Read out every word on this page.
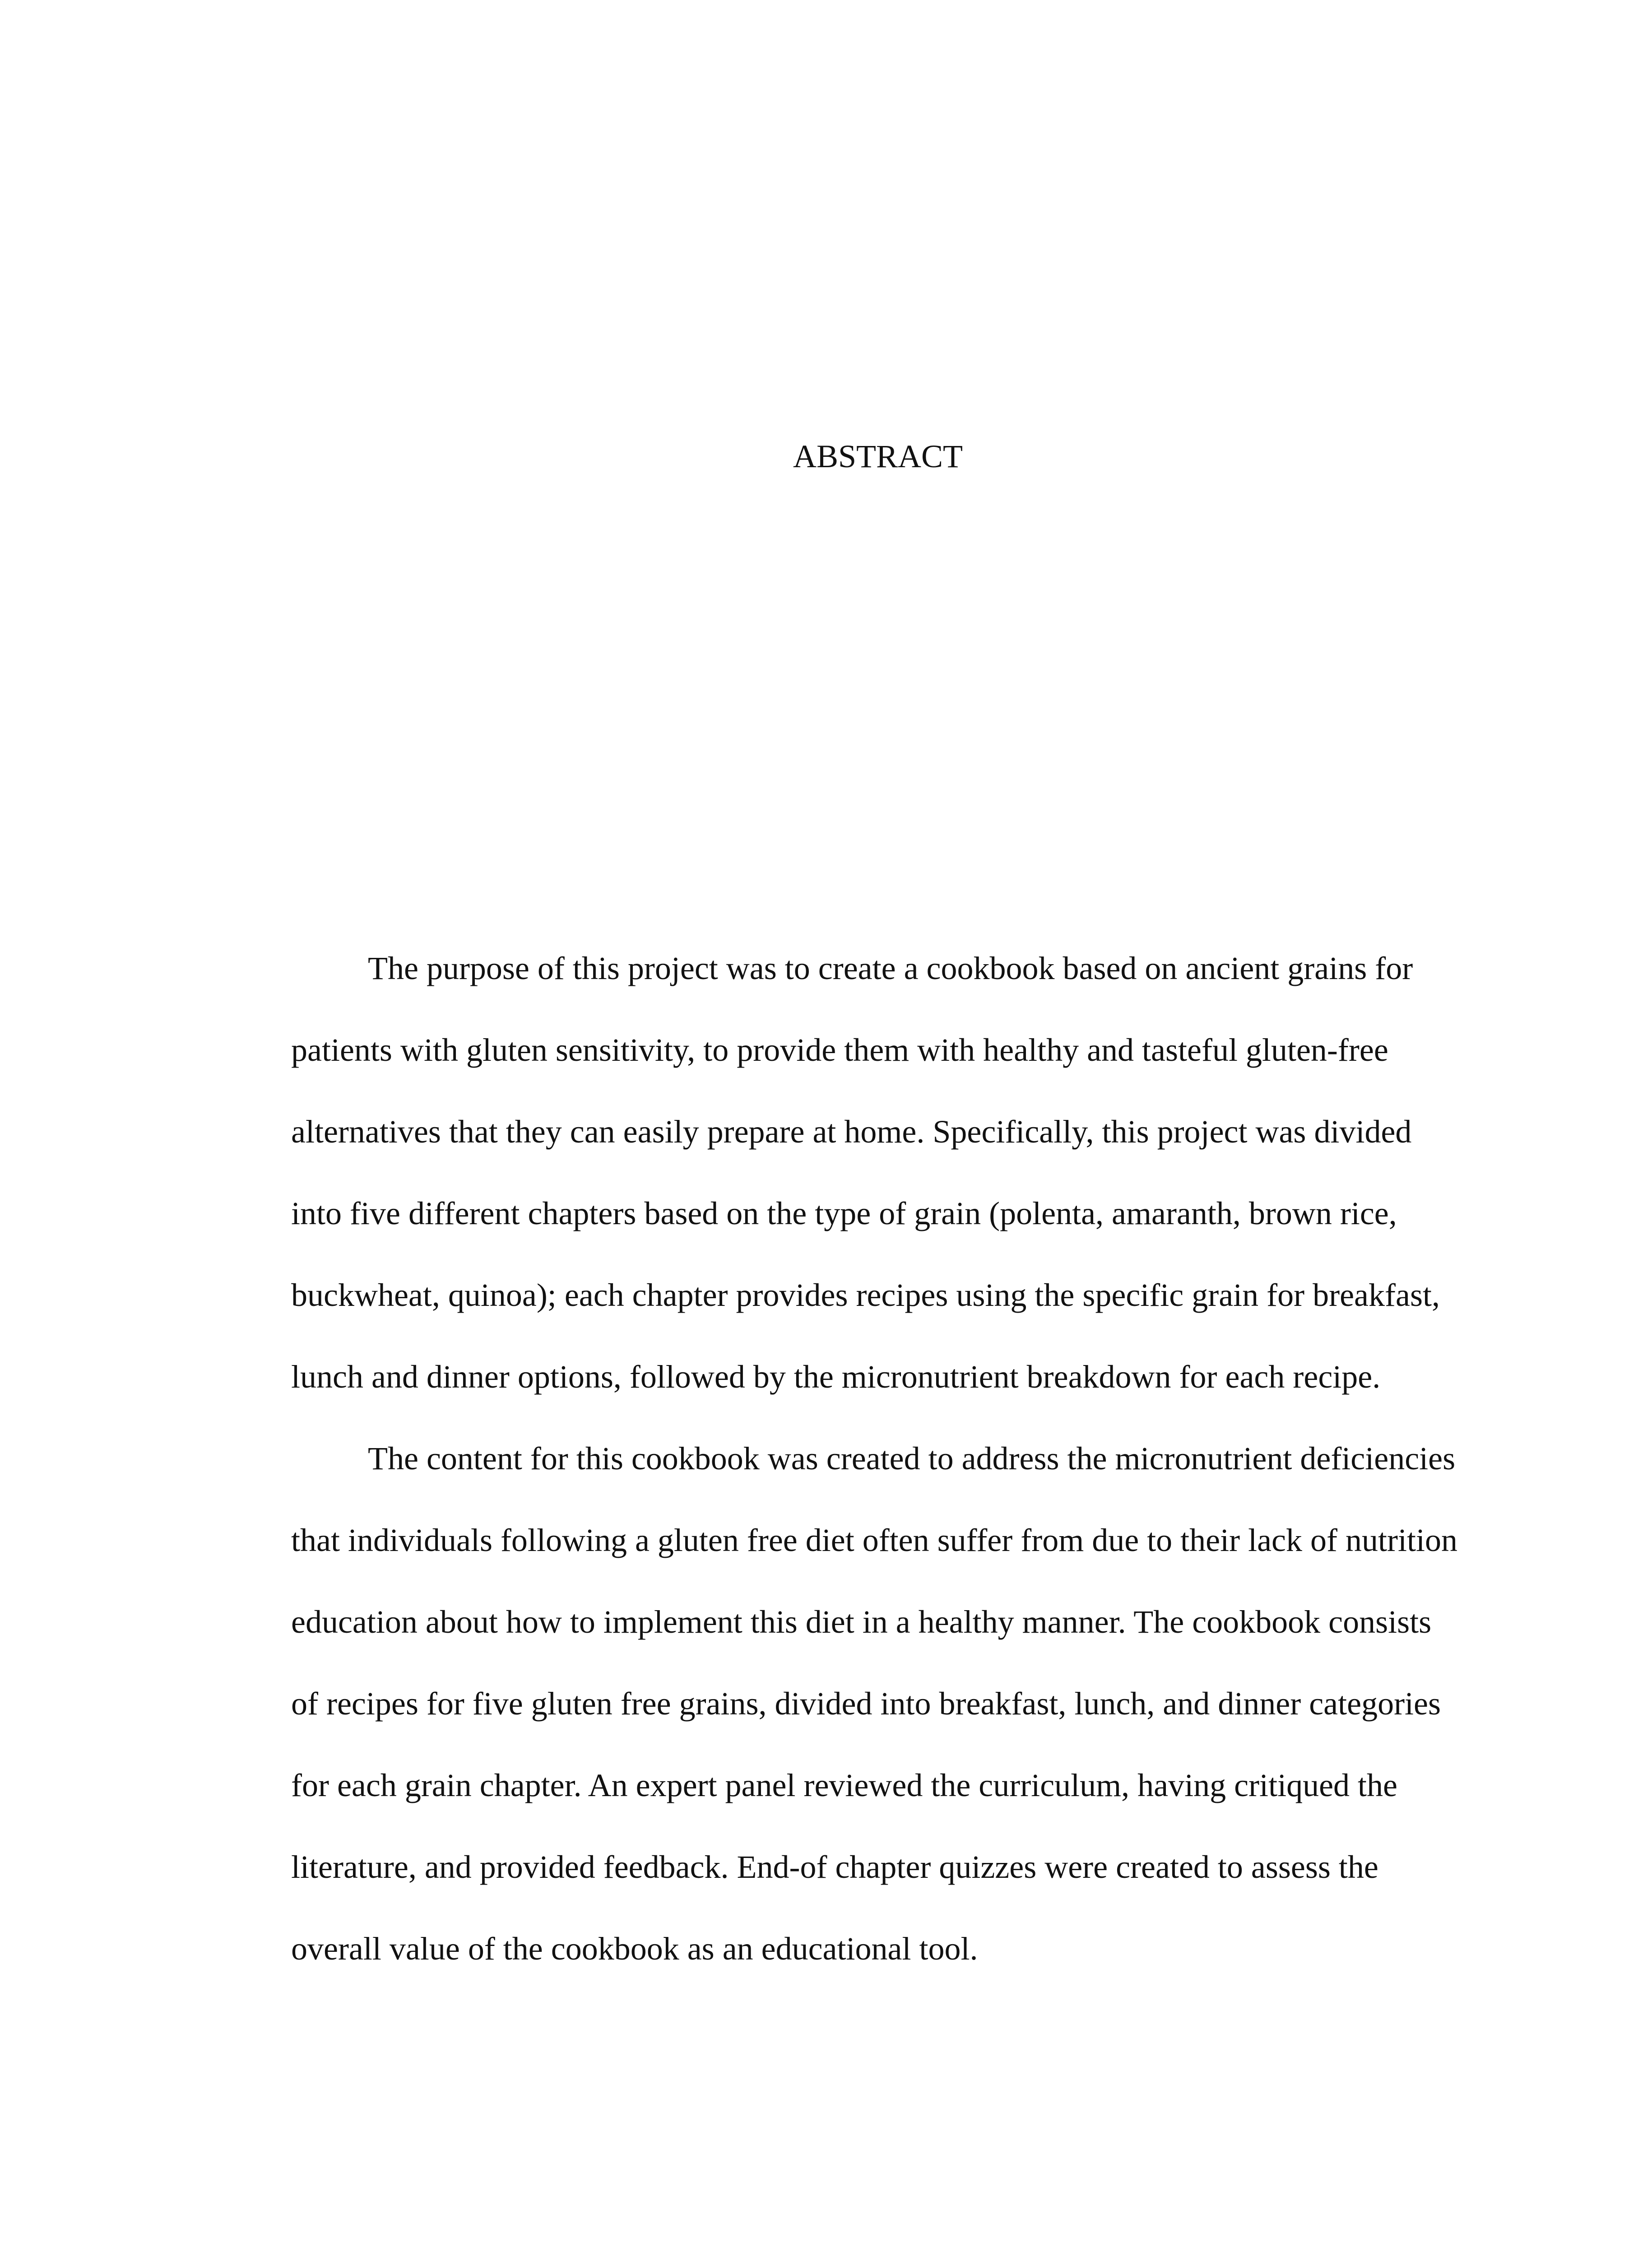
ABSTRACT
The purpose of this project was to create a cookbook based on ancient grains for
patients with gluten sensitivity, to provide them with healthy and tasteful gluten-free
alternatives that they can easily prepare at home. Specifically, this project was divided
into five different chapters based on the type of grain (polenta, amaranth, brown rice,
buckwheat, quinoa); each chapter provides recipes using the specific grain for breakfast,
lunch and dinner options, followed by the micronutrient breakdown for each recipe.
The content for this cookbook was created to address the micronutrient deficiencies
that individuals following a gluten free diet often suffer from due to their lack of nutrition
education about how to implement this diet in a healthy manner. The cookbook consists
of recipes for five gluten free grains, divided into breakfast, lunch, and dinner categories
for each grain chapter. An expert panel reviewed the curriculum, having critiqued the
literature, and provided feedback. End-of chapter quizzes were created to assess the
overall value of the cookbook as an educational tool.
